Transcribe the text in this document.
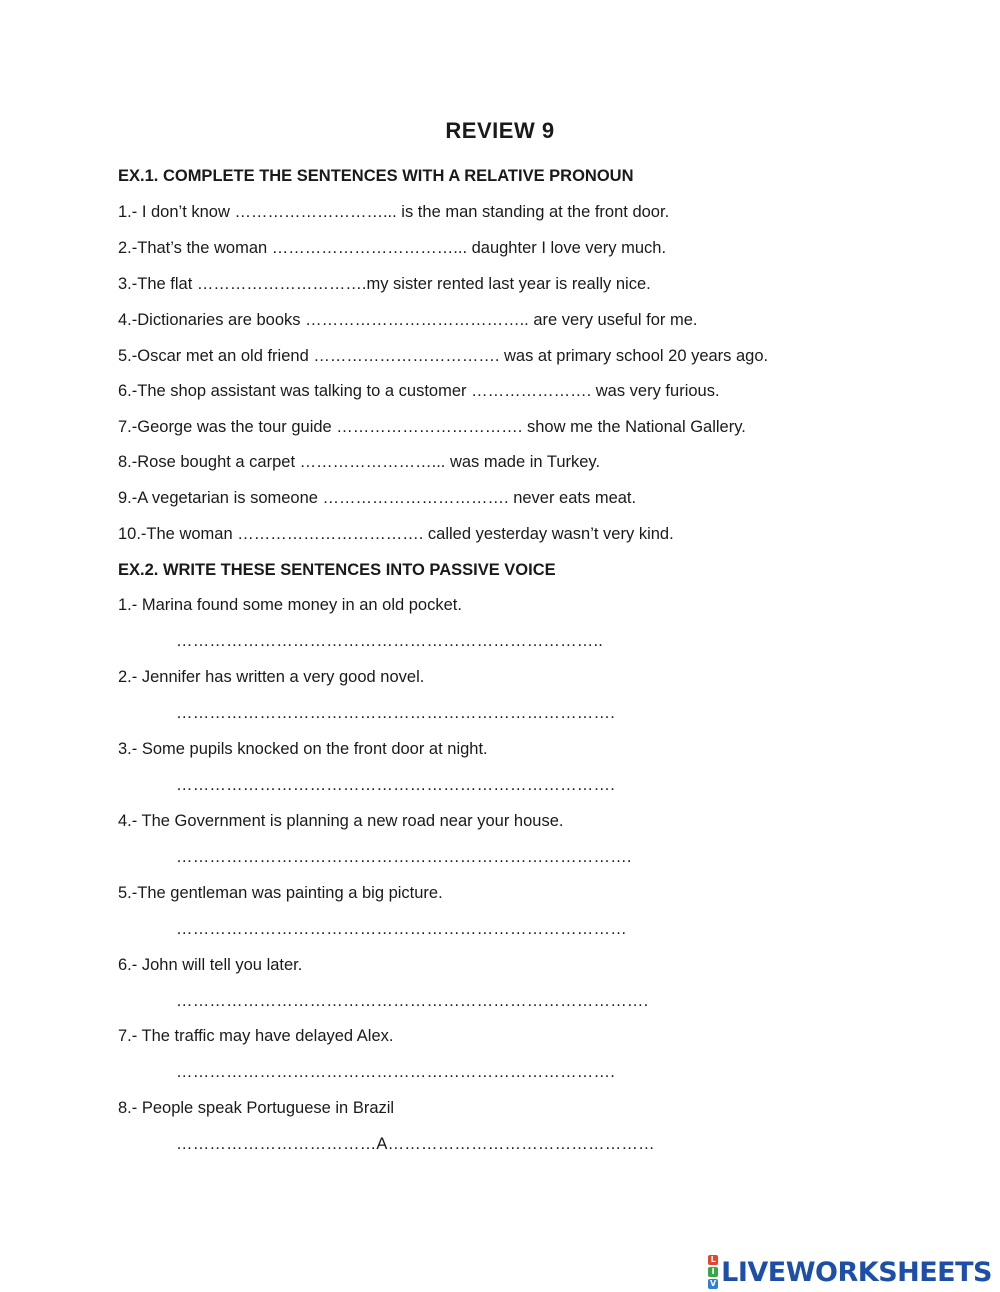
REVIEW 9
EX.1. COMPLETE THE SENTENCES WITH A RELATIVE PRONOUN
1.- I don’t know ………………………... is the man standing at the front door.
2.-That’s the woman ……………………………... daughter I love very much.
3.-The flat ………………………….my sister rented last year is really nice.
4.-Dictionaries are books ………………………………….. are very useful for me.
5.-Oscar met an old friend ……………………………. was at primary school 20 years ago.
6.-The shop assistant was talking to a customer …………………. was very furious.
7.-George was the tour guide ……………………………. show me the National Gallery.
8.-Rose bought a carpet ……………………... was made in Turkey.
9.-A vegetarian is someone ……………………………. never eats meat.
10.-The woman ……………………………. called yesterday wasn’t very kind.
EX.2. WRITE THESE SENTENCES INTO PASSIVE VOICE
1.- Marina found some money in an old pocket.
…………………………………………………………………..
2.- Jennifer has written a very good novel.
…………………………………………………………………….
3.- Some pupils knocked on the front door at night.
…………………………………………………………………….
4.- The Government is planning a new road near your house.
……………………………………………………………………….
5.-The gentleman was painting a big picture.
………………………………………………………………………
6.- John will tell you later.
………………………………………………………………………….
7.- The traffic may have delayed Alex.
…………………………………………………………………….
8.- People speak Portuguese in Brazil
………………………………A…………………………………………
L
I
V LIVEWORKSHEETS
